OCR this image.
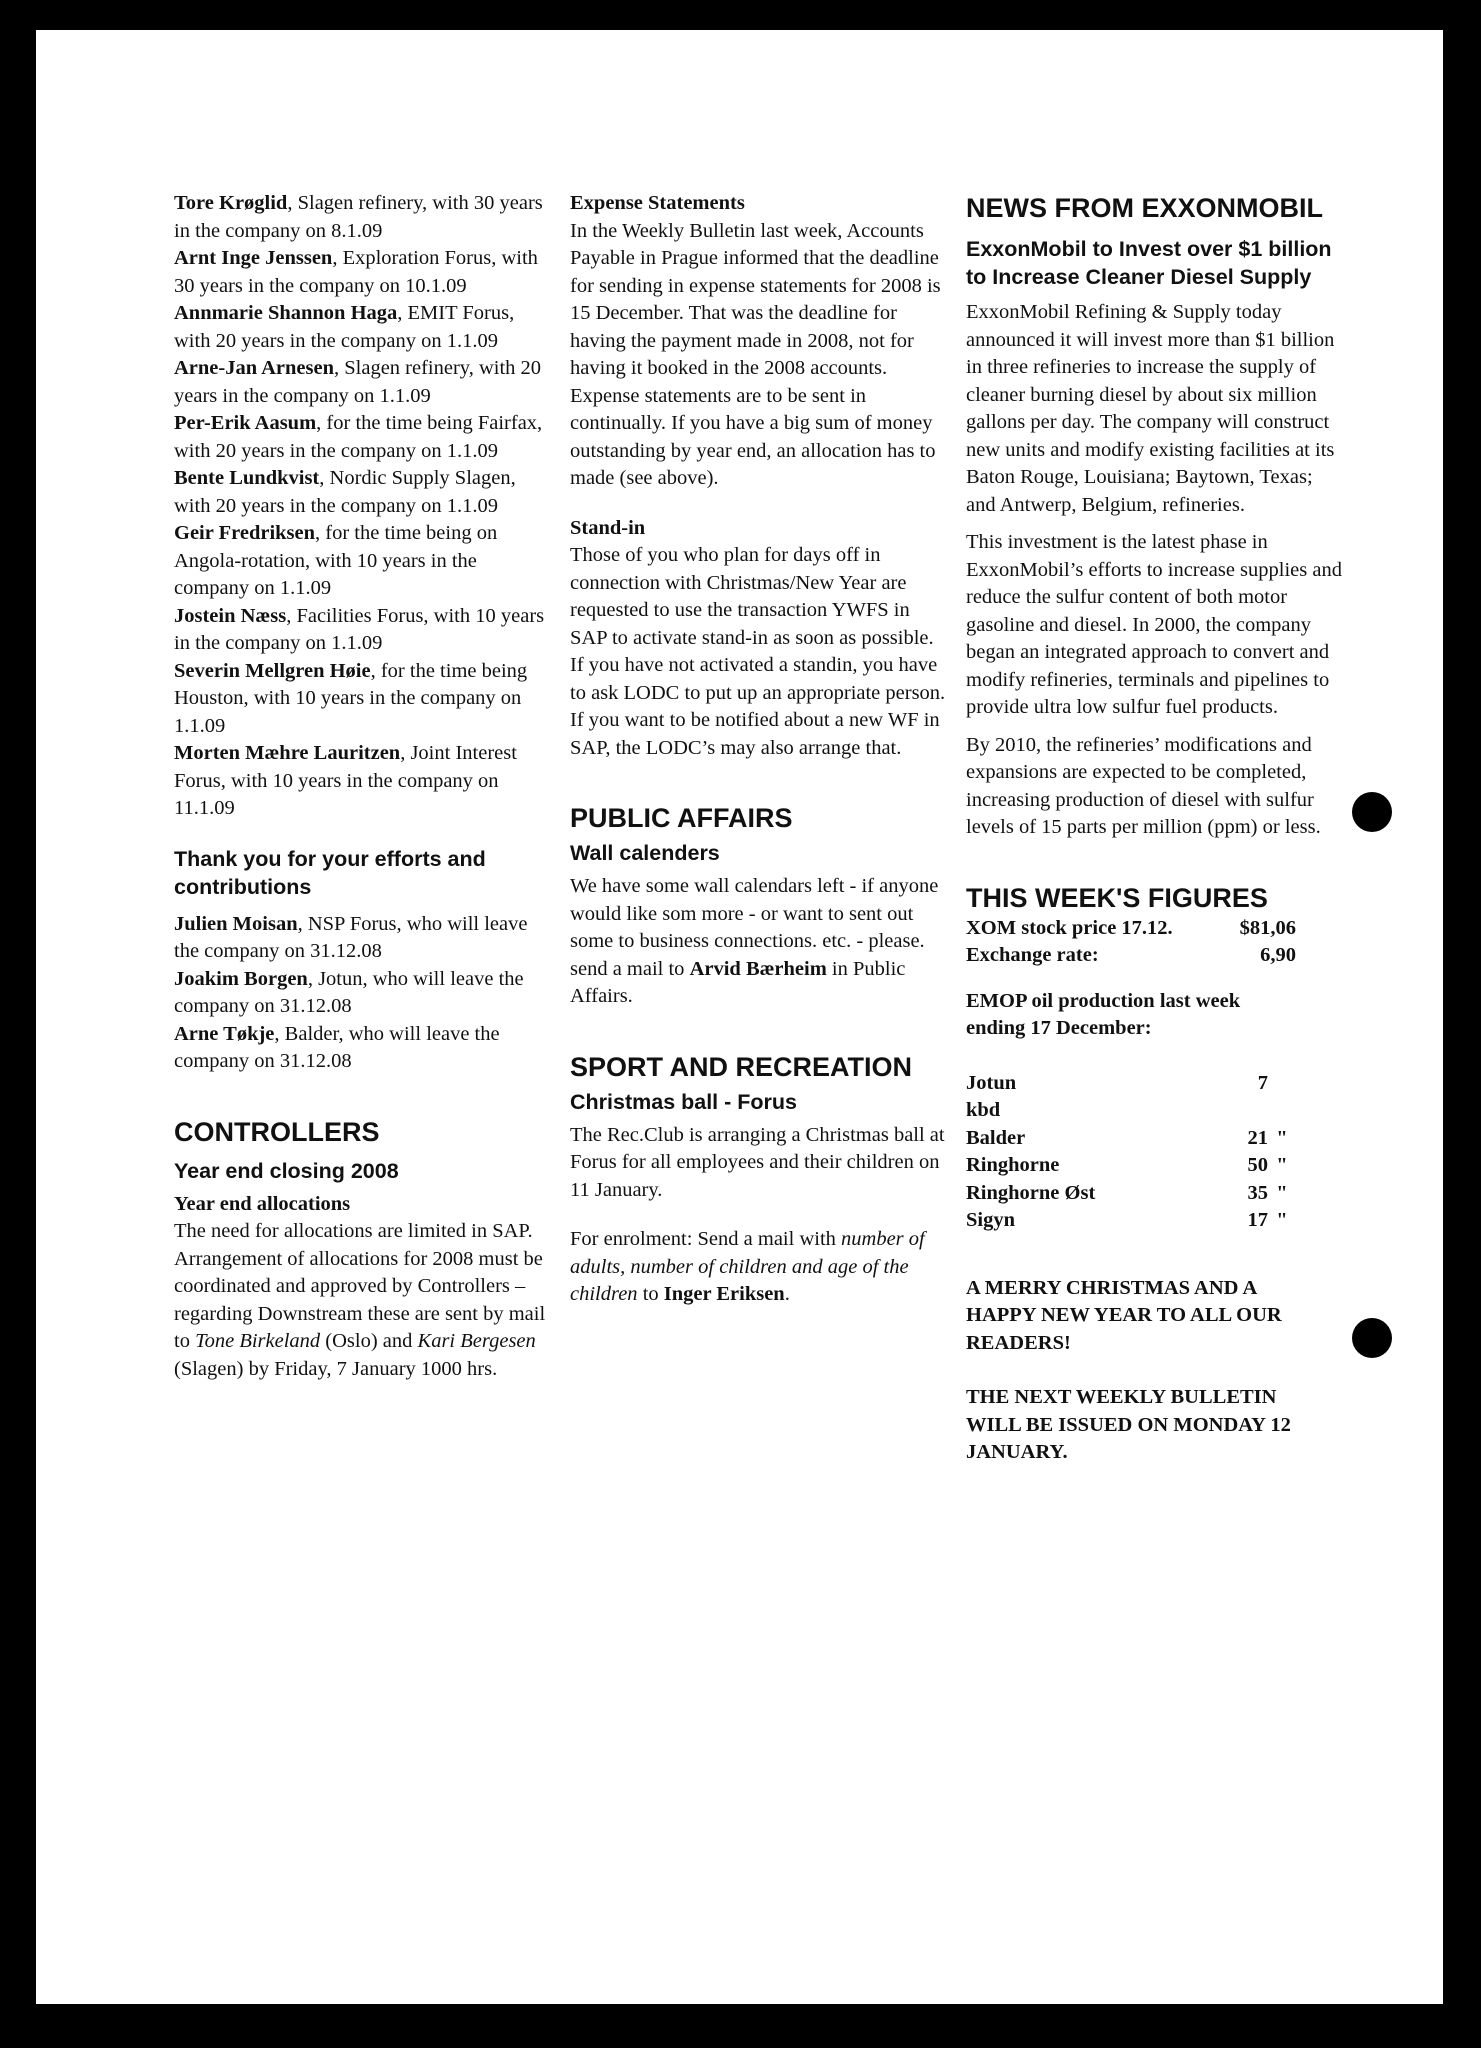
Tore Krøglid, Slagen refinery, with 30 years in the company on 8.1.09
Arnt Inge Jenssen, Exploration Forus, with 30 years in the company on 10.1.09
Annmarie Shannon Haga, EMIT Forus, with 20 years in the company on 1.1.09
Arne-Jan Arnesen, Slagen refinery, with 20 years in the company on 1.1.09
Per-Erik Aasum, for the time being Fairfax, with 20 years in the company on 1.1.09
Bente Lundkvist, Nordic Supply Slagen, with 20 years in the company on 1.1.09
Geir Fredriksen, for the time being on Angola-rotation, with 10 years in the company on 1.1.09
Jostein Næss, Facilities Forus, with 10 years in the company on 1.1.09
Severin Mellgren Høie, for the time being Houston, with 10 years in the company on 1.1.09
Morten Mæhre Lauritzen, Joint Interest Forus, with 10 years in the company on 11.1.09
Thank you for your efforts and contributions
Julien Moisan, NSP Forus, who will leave the company on 31.12.08
Joakim Borgen, Jotun, who will leave the company on 31.12.08
Arne Tøkje, Balder, who will leave the company on 31.12.08
CONTROLLERS
Year end closing 2008
Year end allocations

The need for allocations are limited in SAP. Arrangement of allocations for 2008 must be coordinated and approved by Controllers – regarding Downstream these are sent by mail to Tone Birkeland (Oslo) and Kari Bergesen (Slagen) by Friday, 7 January 1000 hrs.

Expense Statements

In the Weekly Bulletin last week, Accounts Payable in Prague informed that the deadline for sending in expense statements for 2008 is 15 December. That was the deadline for having the payment made in 2008, not for having it booked in the 2008 accounts. Expense statements are to be sent in continually. If you have a big sum of money outstanding by year end, an allocation has to made (see above).

Stand-in

Those of you who plan for days off in connection with Christmas/New Year are requested to use the transaction YWFS in SAP to activate stand-in as soon as possible. If you have not activated a standin, you have to ask LODC to put up an appropriate person. If you want to be notified about a new WF in SAP, the LODC’s may also arrange that.

PUBLIC AFFAIRS
Wall calenders

We have some wall calendars left - if anyone would like som more - or want to sent out some to business connections. etc. - please. send a mail to Arvid Bærheim in Public Affairs.

SPORT AND RECREATION
Christmas ball - Forus

The Rec.Club is arranging a Christmas ball at Forus for all employees and their children on 11 January.

For enrolment: Send a mail with number of adults, number of children and age of the children to Inger Eriksen.

NEWS FROM EXXONMOBIL
ExxonMobil to Invest over $1 billion to Increase Cleaner Diesel Supply

ExxonMobil Refining & Supply today announced it will invest more than $1 billion in three refineries to increase the supply of cleaner burning diesel by about six million gallons per day. The company will construct new units and modify existing facilities at its Baton Rouge, Louisiana; Baytown, Texas; and Antwerp, Belgium, refineries.

This investment is the latest phase in ExxonMobil’s efforts to increase supplies and reduce the sulfur content of both motor gasoline and diesel. In 2000, the company began an integrated approach to convert and modify refineries, terminals and pipelines to provide ultra low sulfur fuel products.

By 2010, the refineries’ modifications and expansions are expected to be completed, increasing production of diesel with sulfur levels of 15 parts per million (ppm) or less.

THIS WEEK'S FIGURES
XOM stock price 17.12.	$81,06
Exchange rate:	6,90

EMOP oil production last week ending 17 December:

Jotun	7
kbd
Balder	21 "
Ringhorne	50 "
Ringhorne Øst	35 "
Sigyn	17 "

A MERRY CHRISTMAS AND A HAPPY NEW YEAR TO ALL OUR READERS!

THE NEXT WEEKLY BULLETIN WILL BE ISSUED ON MONDAY 12 JANUARY.
